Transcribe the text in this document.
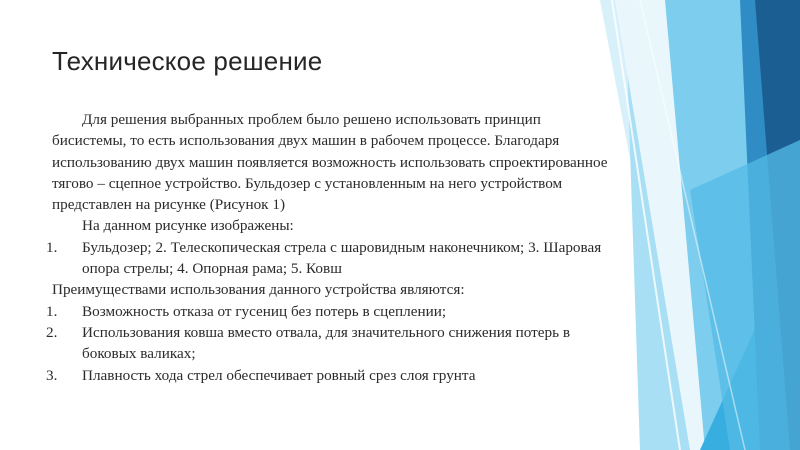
Техническое решение

Для решения выбранных проблем было решено использовать принцип бисистемы, то есть использования двух машин в рабочем процессе. Благодаря использованию двух машин появляется возможность использовать спроектированное тягово – сцепное устройство. Бульдозер с установленным на него устройством представлен на рисунке (Рисунок 1)

На данном рисунке изображены:

1. Бульдозер; 2. Телескопическая стрела с шаровидным наконечником; 3. Шаровая опора стрелы; 4. Опорная рама; 5. Ковш

Преимуществами использования данного устройства являются:

1. Возможность отказа от гусениц без потерь в сцеплении;
2. Использования ковша вместо отвала, для значительного снижения потерь в боковых валиках;
3. Плавность хода стрел обеспечивает ровный срез слоя грунта
